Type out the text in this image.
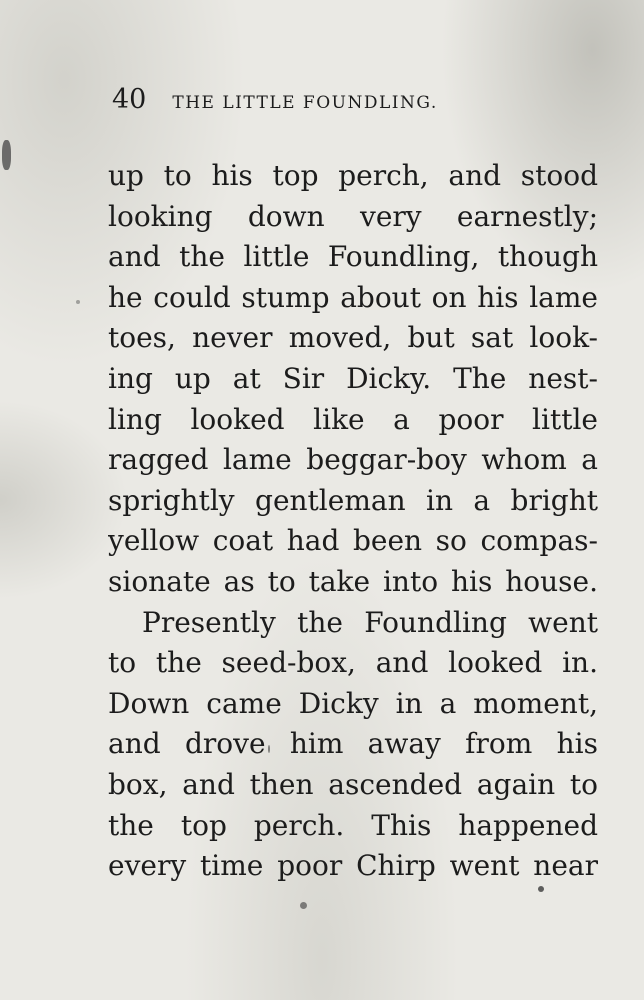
40 THE LITTLE FOUNDLING.
up to his top perch, and stood
looking down very earnestly;
and the little Foundling, though
he could stump about on his lame
toes, never moved, but sat look-
ing up at Sir Dicky. The nest-
ling looked like a poor little
ragged lame beggar-boy whom a
sprightly gentleman in a bright
yellow coat had been so compas-
sionate as to take into his house.
Presently the Foundling went
to the seed-box, and looked in.
Down came Dicky in a moment,
and drove him away from his
box, and then ascended again to
the top perch. This happened
every time poor Chirp went near
